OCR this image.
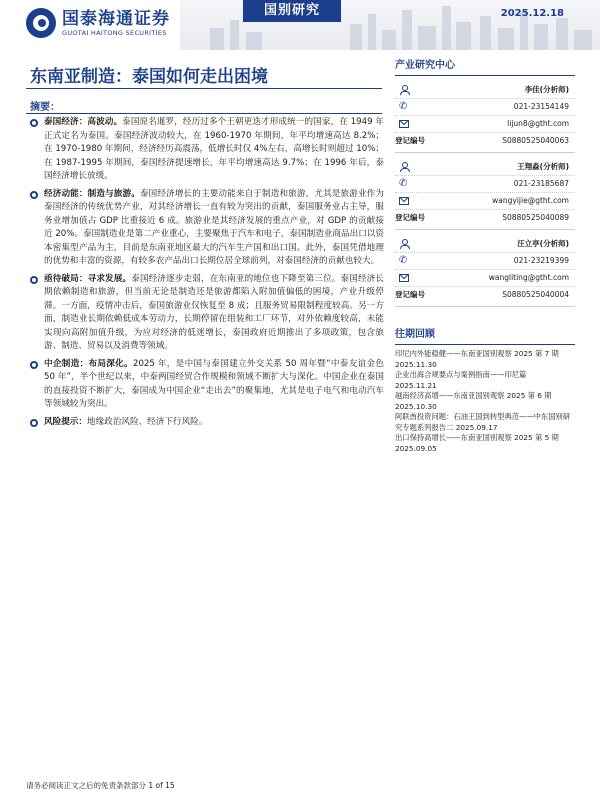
国泰海通证券
GUOTAI HAITONG SECURITIES
国别研究	2025.12.18
东南亚制造：泰国如何走出困境
摘要：
泰国经济：高波动。泰国原名暹罗，经历过多个王朝更迭才形成统一的国家，在 1949 年正式定名为泰国。泰国经济波动较大，在 1960-1970 年期间，年平均增速高达 8.2%；在 1970-1980 年期间，经济经历高震荡，低增长时仅 4%左右，高增长时则超过 10%；在 1987-1995 年期间，泰国经济提速增长，年平均增速高达 9.7%；在 1996 年后，泰国经济增长放缓。
经济动能：制造与旅游。泰国经济增长的主要动能来自于制造和旅游，尤其是旅游业作为泰国经济的传统优势产业，对其经济增长一直有较为突出的贡献，泰国服务业占主导，服务业增加值占 GDP 比重接近 6 成。旅游业是其经济发展的重点产业，对 GDP 的贡献接近 20%。泰国制造业是第二产业重心，主要聚焦于汽车和电子，泰国制造业商品出口以资本密集型产品为主，目前是东南亚地区最大的汽车生产国和出口国。此外，泰国凭借地理的优势和丰富的资源，有较多农产品出口长期位居全球前列，对泰国经济的贡献也较大。
亟待破局：寻求发展。泰国经济逐步走弱，在东南亚的地位也下降至第三位。泰国经济长期依赖制造和旅游，但当前无论是制造还是旅游都陷入附加值偏低的困境，产业升级停滞。一方面，疫情冲击后，泰国旅游业仅恢复至 8 成；且服务贸易限制程度较高。另一方面，制造业长期依赖低成本劳动力，长期停留在组装和工厂环节，对外依赖度较高，未能实现向高附加值升级，为应对经济的低迷增长，泰国政府近期推出了多项政策，包含旅游、制造、贸易以及消费等领域。
中企制造：布局深化。2025 年，是中国与泰国建立外交关系 50 周年暨“中泰友谊金色 50 年”，半个世纪以来，中泰两国经贸合作规模和领域不断扩大与深化。中国企业在泰国的直接投资不断扩大，泰国成为中国企业“走出去”的聚集地，尤其是电子电气和电动汽车等领域较为突出。
风险提示：地缘政治风险、经济下行风险。
产业研究中心
李佳(分析师)
✆	021-23154149
lijun8@gtht.com
登记编号	S0880525040063
王翔淼(分析师)
✆	021-23185687
wangyijie@gtht.com
登记编号	S0880525040089
汪立亭(分析师)
✆	021-23219399
wangliting@gtht.com
登记编号	S0880525040004
往期回顾
印尼内外能稳健——东南亚国别观察 2025 第 7 期
2025.11.30
企业出海合规要点与案例指南——印尼篇
2025.11.21
越南经济高增——东南亚国别观察 2025 第 6 期
2025.10.30
阿联酋投资问题：石油王国到转型典范——中东国别研究专题系列报告二 2025.09.17
出口保持高增长——东南亚国别观察 2025 第 5 期
2025.09.05
请务必阅读正文之后的免责条款部分 1 of 15
